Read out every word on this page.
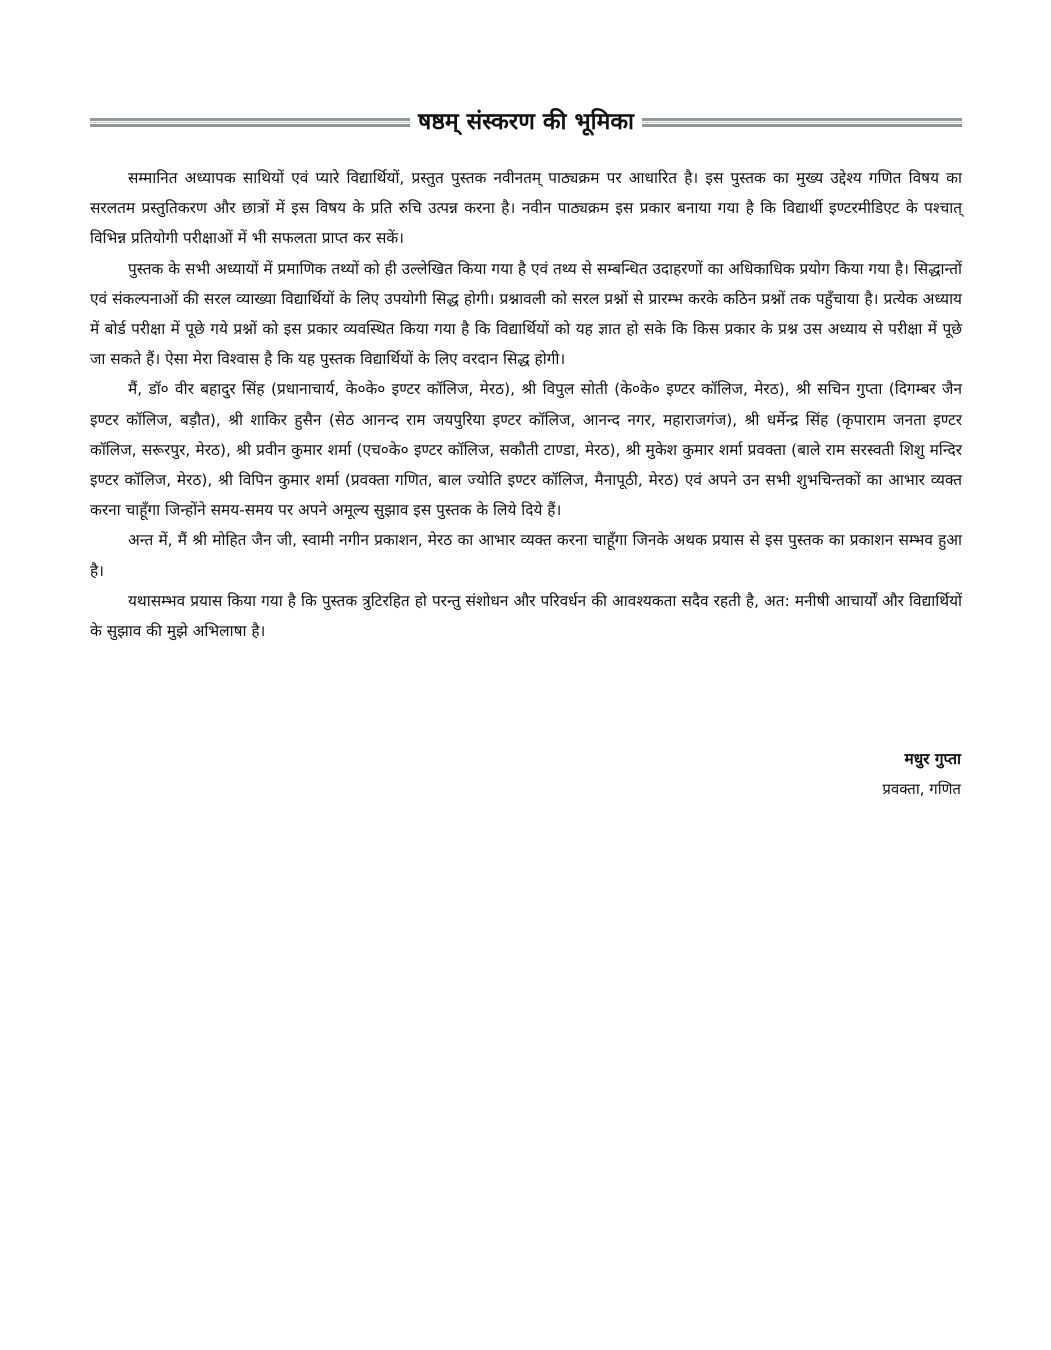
षष्ठम् संस्करण की भूमिका

सम्मानित अध्यापक साथियों एवं प्यारे विद्यार्थियों, प्रस्तुत पुस्तक नवीनतम् पाठ्यक्रम पर आधारित है। इस पुस्तक का मुख्य उद्देश्य गणित विषय का सरलतम प्रस्तुतिकरण और छात्रों में इस विषय के प्रति रुचि उत्पन्न करना है। नवीन पाठ्यक्रम इस प्रकार बनाया गया है कि विद्यार्थी इण्टरमीडिएट के पश्चात् विभिन्न प्रतियोगी परीक्षाओं में भी सफलता प्राप्त कर सकें।

पुस्तक के सभी अध्यायों में प्रमाणिक तथ्यों को ही उल्लेखित किया गया है एवं तथ्य से सम्बन्धित उदाहरणों का अधिकाधिक प्रयोग किया गया है। सिद्धान्तों एवं संकल्पनाओं की सरल व्याख्या विद्यार्थियों के लिए उपयोगी सिद्ध होगी। प्रश्नावली को सरल प्रश्नों से प्रारम्भ करके कठिन प्रश्नों तक पहुँचाया है। प्रत्येक अध्याय में बोर्ड परीक्षा में पूछे गये प्रश्नों को इस प्रकार व्यवस्थित किया गया है कि विद्यार्थियों को यह ज्ञात हो सके कि किस प्रकार के प्रश्न उस अध्याय से परीक्षा में पूछे जा सकते हैं। ऐसा मेरा विश्वास है कि यह पुस्तक विद्यार्थियों के लिए वरदान सिद्ध होगी।

मैं, डॉ० वीर बहादुर सिंह (प्रधानाचार्य, के०के० इण्टर कॉलिज, मेरठ), श्री विपुल सोती (के०के० इण्टर कॉलिज, मेरठ), श्री सचिन गुप्ता (दिगम्बर जैन इण्टर कॉलिज, बड़ौत), श्री शाकिर हुसैन (सेठ आनन्द राम जयपुरिया इण्टर कॉलिज, आनन्द नगर, महाराजगंज), श्री धर्मेन्द्र सिंह (कृपाराम जनता इण्टर कॉलिज, सरूरपुर, मेरठ), श्री प्रवीन कुमार शर्मा (एच०के० इण्टर कॉलिज, सकौती टाण्डा, मेरठ), श्री मुकेश कुमार शर्मा प्रवक्ता (बाले राम सरस्वती शिशु मन्दिर इण्टर कॉलिज, मेरठ), श्री विपिन कुमार शर्मा (प्रवक्ता गणित, बाल ज्योति इण्टर कॉलिज, मैनापूठी, मेरठ) एवं अपने उन सभी शुभचिन्तकों का आभार व्यक्त करना चाहूँगा जिन्होंने समय-समय पर अपने अमूल्य सुझाव इस पुस्तक के लिये दिये हैं।

अन्त में, मैं श्री मोहित जैन जी, स्वामी नगीन प्रकाशन, मेरठ का आभार व्यक्त करना चाहूँगा जिनके अथक प्रयास से इस पुस्तक का प्रकाशन सम्भव हुआ है।

यथासम्भव प्रयास किया गया है कि पुस्तक त्रुटिरहित हो परन्तु संशोधन और परिवर्धन की आवश्यकता सदैव रहती है, अत: मनीषी आचार्यों और विद्यार्थियों के सुझाव की मुझे अभिलाषा है।

मधुर गुप्ता
प्रवक्ता, गणित
